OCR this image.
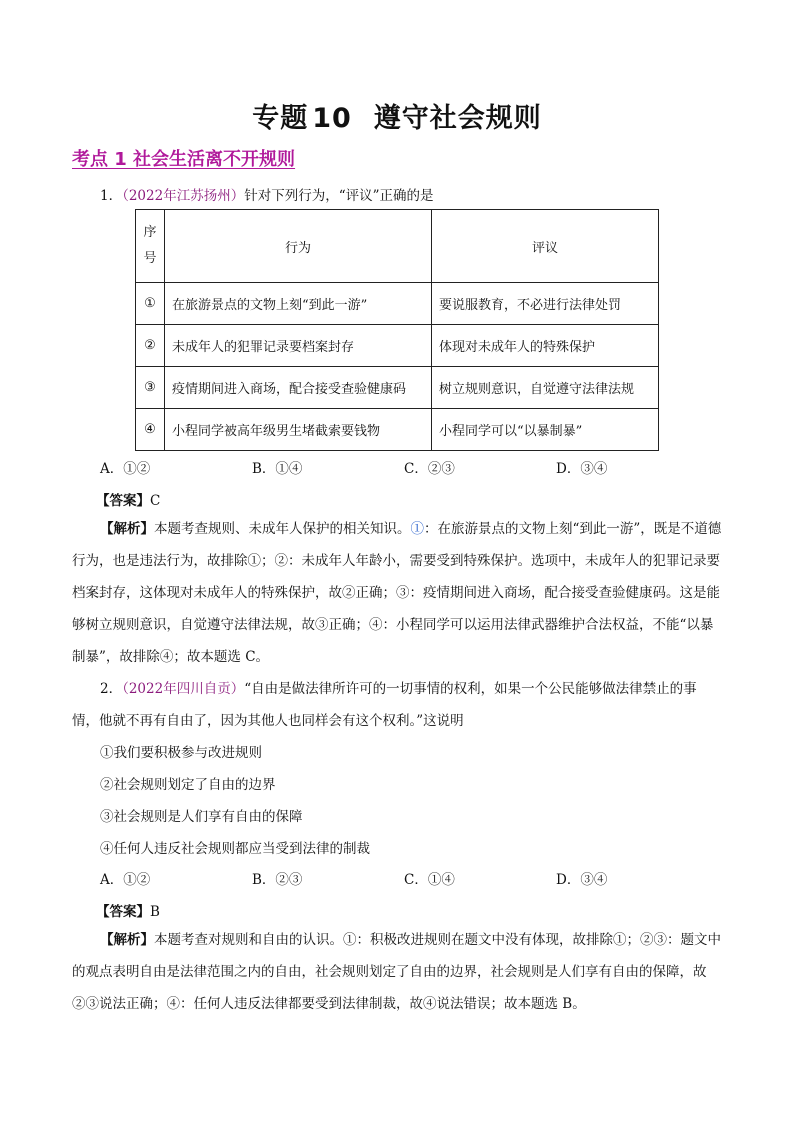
专题 10 遵守社会规则
考点 1 社会生活离不开规则
1．（2022年江苏扬州）针对下列行为，“评议”正确的是
序号	行为	评议
①	在旅游景点的文物上刻“到此一游”	要说服教育，不必进行法律处罚
②	未成年人的犯罪记录要档案封存	体现对未成年人的特殊保护
③	疫情期间进入商场，配合接受查验健康码	树立规则意识，自觉遵守法律法规
④	小程同学被高年级男生堵截索要钱物	小程同学可以“以暴制暴”
A．①②	B．①④	C．②③	D．③④
【答案】C
【解析】本题考查规则、未成年人保护的相关知识。①：在旅游景点的文物上刻“到此一游”，既是不道德行为，也是违法行为，故排除①；②：未成年人年龄小，需要受到特殊保护。选项中，未成年人的犯罪记录要档案封存，这体现对未成年人的特殊保护，故②正确；③：疫情期间进入商场，配合接受查验健康码。这是能够树立规则意识，自觉遵守法律法规，故③正确；④：小程同学可以运用法律武器维护合法权益，不能“以暴制暴”，故排除④；故本题选 C。
2．（2022年四川自贡）“自由是做法律所许可的一切事情的权利，如果一个公民能够做法律禁止的事情，他就不再有自由了，因为其他人也同样会有这个权利。”这说明
①我们要积极参与改进规则
②社会规则划定了自由的边界
③社会规则是人们享有自由的保障
④任何人违反社会规则都应当受到法律的制裁
A．①②	B．②③	C．①④	D．③④
【答案】B
【解析】本题考查对规则和自由的认识。①：积极改进规则在题文中没有体现，故排除①；②③：题文中的观点表明自由是法律范围之内的自由，社会规则划定了自由的边界，社会规则是人们享有自由的保障，故②③说法正确；④：任何人违反法律都要受到法律制裁，故④说法错误；故本题选 B。
